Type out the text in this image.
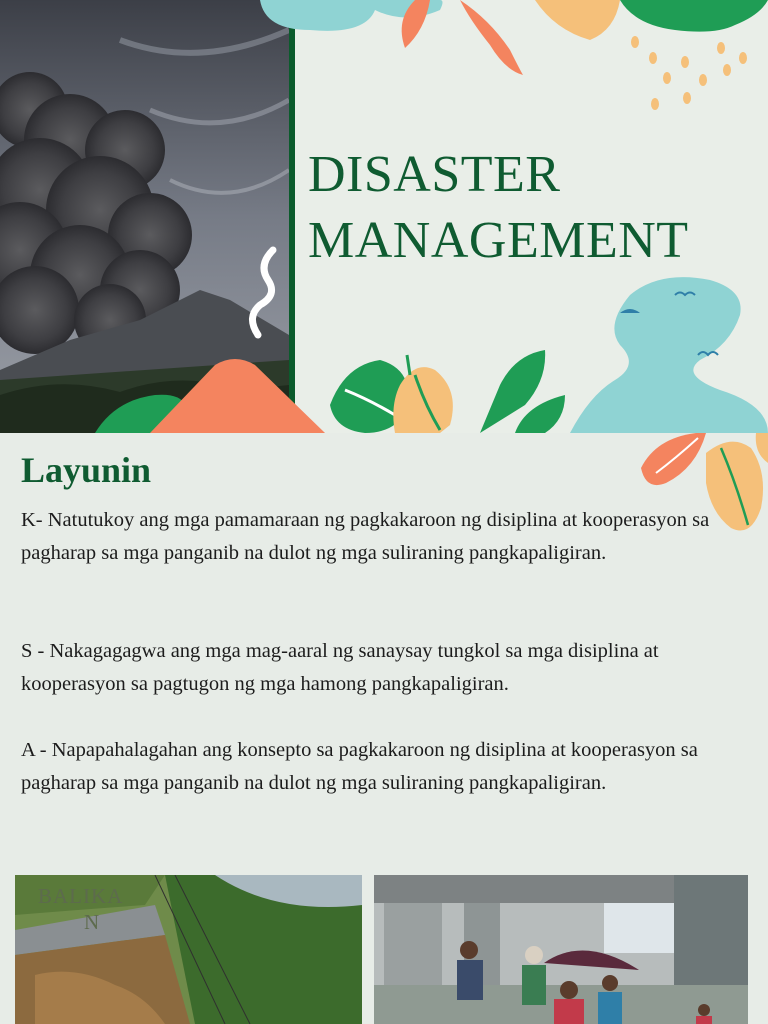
DISASTER
MANAGEMENT
Layunin

K- Natutukoy ang mga pamamaraan ng pagkakaroon ng disiplina at kooperasyon sa pagharap sa mga panganib na dulot ng mga suliraning pangkapaligiran.

S - Nakagagagwa ang mga mag-aaral ng sanaysay tungkol sa mga disiplina at kooperasyon sa pagtugon ng mga hamong pangkapaligiran.

A - Napapahalagahan ang konsepto sa pagkakaroon ng disiplina at kooperasyon sa pagharap sa mga panganib na dulot ng mga suliraning pangkapaligiran.

BALIKA
N
